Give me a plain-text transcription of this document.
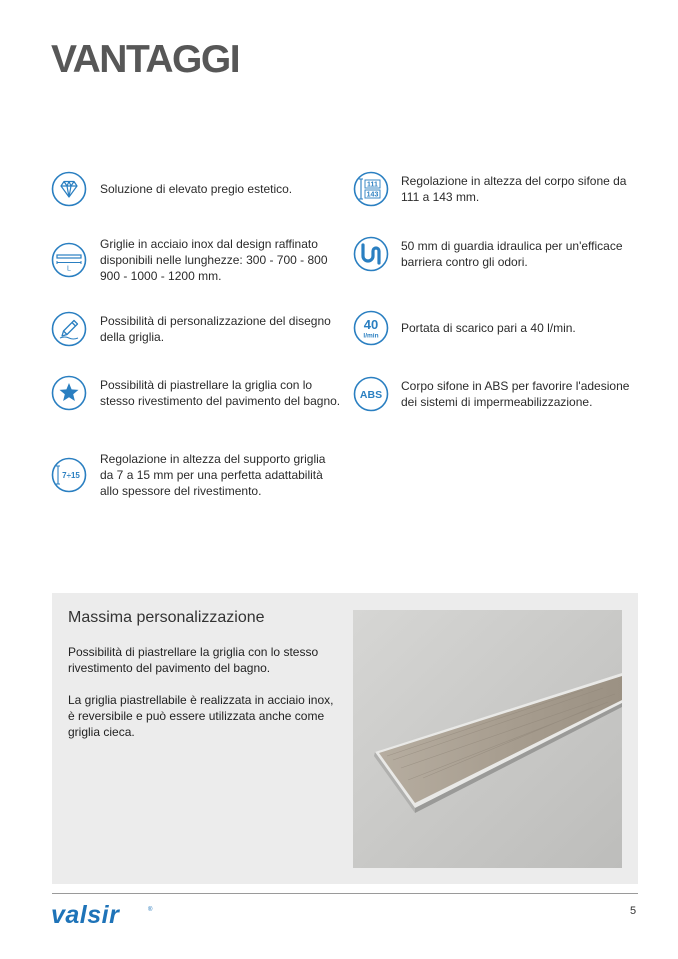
VANTAGGI
Soluzione di elevato pregio estetico.
L
Griglie in acciaio inox dal design raffinato disponibili nelle lunghezze: 300 - 700 - 800 900 - 1000 - 1200 mm.
Possibilità di personalizzazione del disegno della griglia.
Possibilità di piastrellare la griglia con lo stesso rivestimento del pavimento del bagno.
7÷15
Regolazione in altezza del supporto griglia da 7 a 15 mm per una perfetta adattabilità allo spessore del rivestimento.
111
143
Regolazione in altezza del corpo sifone da 111 a 143 mm.
50 mm di guardia idraulica per un'efficace barriera contro gli odori.
40
l/min
Portata di scarico pari a 40 l/min.
ABS
Corpo sifone in ABS per favorire l'adesione dei sistemi di impermeabilizzazione.
Massima personalizzazione
Possibilità di piastrellare la griglia con lo stesso rivestimento del pavimento del bagno.
La griglia piastrellabile è realizzata in acciaio inox, è reversibile e può essere utilizzata anche come griglia cieca.
valsir	®	5
